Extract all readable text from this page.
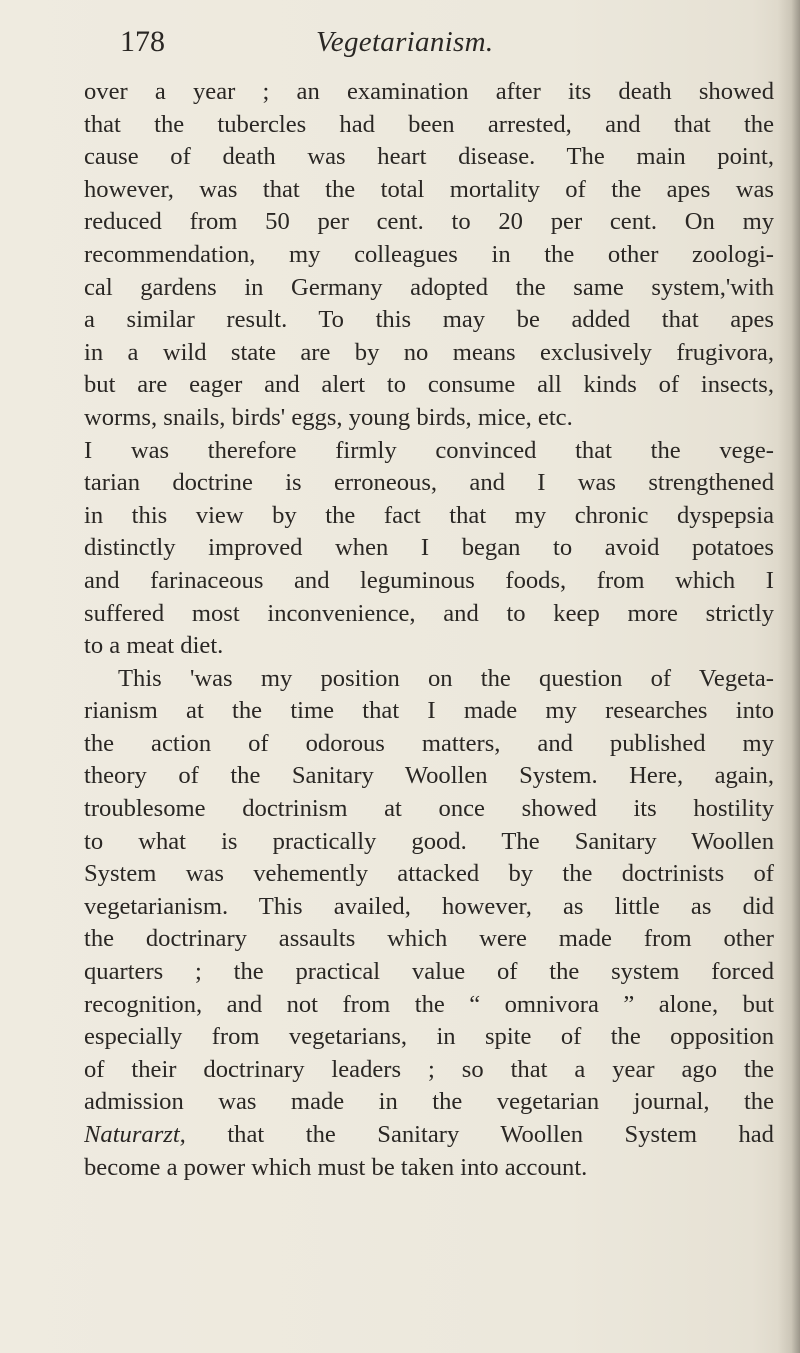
178	Vegetarianism.
over a year ; an examination after its death showed
that the tubercles had been arrested, and that the
cause of death was heart disease. The main point,
however, was that the total mortality of the apes was
reduced from 50 per cent. to 20 per cent. On my
recommendation, my colleagues in the other zoologi-
cal gardens in Germany adopted the same system,'with
a similar result. To this may be added that apes
in a wild state are by no means exclusively frugivora,
but are eager and alert to consume all kinds of insects,
worms, snails, birds' eggs, young birds, mice, etc.
I was therefore firmly convinced that the vege-
tarian doctrine is erroneous, and I was strengthened
in this view by the fact that my chronic dyspepsia
distinctly improved when I began to avoid potatoes
and farinaceous and leguminous foods, from which I
suffered most inconvenience, and to keep more strictly
to a meat diet.
This 'was my position on the question of Vegeta-
rianism at the time that I made my researches into
the action of odorous matters, and published my
theory of the Sanitary Woollen System. Here, again,
troublesome doctrinism at once showed its hostility
to what is practically good. The Sanitary Woollen
System was vehemently attacked by the doctrinists of
vegetarianism. This availed, however, as little as did
the doctrinary assaults which were made from other
quarters ; the practical value of the system forced
recognition, and not from the “ omnivora ” alone, but
especially from vegetarians, in spite of the opposition
of their doctrinary leaders ; so that a year ago the
admission was made in the vegetarian journal, the
Naturarzt, that the Sanitary Woollen System had
become a power which must be taken into account.
